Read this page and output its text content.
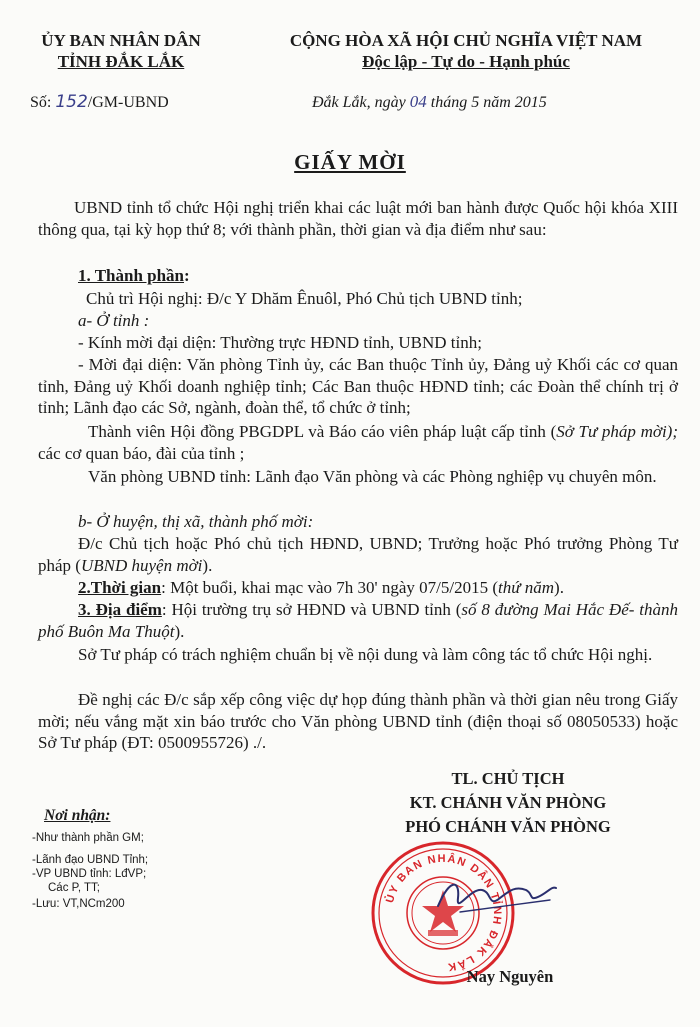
ỦY BAN NHÂN DÂN
TỈNH ĐẮK LẮK
CỘNG HÒA XÃ HỘI CHỦ NGHĨA VIỆT NAM
Độc lập - Tự do - Hạnh phúc
Số: 152/GM-UBND	Đắk Lắk, ngày 04 tháng 5 năm 2015
GIẤY MỜI
UBND tỉnh tổ chức Hội nghị triển khai các luật mới ban hành được Quốc hội khóa XIII thông qua, tại kỳ họp thứ 8; với thành phần, thời gian và địa điểm như sau:
1. Thành phần:
Chủ trì Hội nghị: Đ/c Y Dhăm Ênuôl, Phó Chủ tịch UBND tỉnh;
a- Ở tỉnh :
- Kính mời đại diện: Thường trực HĐND tỉnh, UBND tỉnh;
- Mời đại diện: Văn phòng Tỉnh ủy, các Ban thuộc Tỉnh ủy, Đảng uỷ Khối các cơ quan tỉnh, Đảng uỷ Khối doanh nghiệp tỉnh; Các Ban thuộc HĐND tỉnh; các Đoàn thể chính trị ở tỉnh; Lãnh đạo các Sở, ngành, đoàn thể, tổ chức ở tỉnh;
Thành viên Hội đồng PBGDPL và Báo cáo viên pháp luật cấp tỉnh (Sở Tư pháp mời); các cơ quan báo, đài của tỉnh ;
Văn phòng UBND tỉnh: Lãnh đạo Văn phòng và các Phòng nghiệp vụ chuyên môn.
b- Ở huyện, thị xã, thành phố mời:
Đ/c Chủ tịch hoặc Phó chủ tịch HĐND, UBND; Trưởng hoặc Phó trưởng Phòng Tư pháp (UBND huyện mời).
2.Thời gian: Một buổi, khai mạc vào 7h 30' ngày 07/5/2015 (thứ năm).
3. Địa điểm: Hội trường trụ sở HĐND và UBND tỉnh (số 8 đường Mai Hắc Đế- thành phố Buôn Ma Thuột).
Sở Tư pháp có trách nghiệm chuẩn bị về nội dung và làm công tác tổ chức Hội nghị.
Đề nghị các Đ/c sắp xếp công việc dự họp đúng thành phần và thời gian nêu trong Giấy mời; nếu vắng mặt xin báo trước cho Văn phòng UBND tỉnh (điện thoại số 08050533) hoặc Sở Tư pháp (ĐT: 0500955726) ./.
Nơi nhận:
-Như thành phần GM;
-Lãnh đạo UBND Tỉnh;
-VP UBND tỉnh: LđVP;
Các P, TT;
-Lưu: VT,NCm200
TL. CHỦ TỊCH
KT. CHÁNH VĂN PHÒNG
PHÓ CHÁNH VĂN PHÒNG
ỦY BAN NHÂN DÂN TỈNH ĐẮK LẮK
Nay Nguyên
